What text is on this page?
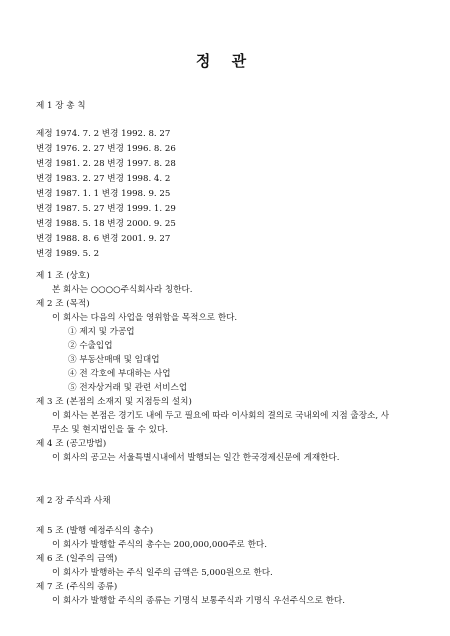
정 관
제 1 장 총 칙
제정 1974. 7. 2 변경 1992. 8. 27
변경 1976. 2. 27 변경 1996. 8. 26
변경 1981. 2. 28 변경 1997. 8. 28
변경 1983. 2. 27 변경 1998. 4. 2
변경 1987. 1. 1 변경 1998. 9. 25
변경 1987. 5. 27 변경 1999. 1. 29
변경 1988. 5. 18 변경 2000. 9. 25
변경 1988. 8. 6 변경 2001. 9. 27
변경 1989. 5. 2
제 1 조 (상호)
본 회사는 ○○○○주식회사라 칭한다.
제 2 조 (목적)
이 회사는 다음의 사업을 영위함을 목적으로 한다.
① 제지 및 가공업
② 수출입업
③ 부동산매매 및 임대업
④ 전 각호에 부대하는 사업
⑤ 전자상거래 및 관련 서비스업
제 3 조 (본점의 소재지 및 지점등의 설치)
이 회사는 본점은 경기도 내에 두고 필요에 따라 이사회의 결의로 국내외에 지점 출장소, 사
무소 및 현지법인을 둘 수 있다.
제 4 조 (공고방법)
이 회사의 공고는 서울특별시내에서 발행되는 일간 한국경제신문에 게재한다.
제 2 장 주식과 사채
제 5 조 (발행 예정주식의 총수)
이 회사가 발행할 주식의 총수는 200,000,000주로 한다.
제 6 조 (일주의 금액)
이 회사가 발행하는 주식 일주의 금액은 5,000원으로 한다.
제 7 조 (주식의 종류)
이 회사가 발행할 주식의 종류는 기명식 보통주식과 기명식 우선주식으로 한다.
